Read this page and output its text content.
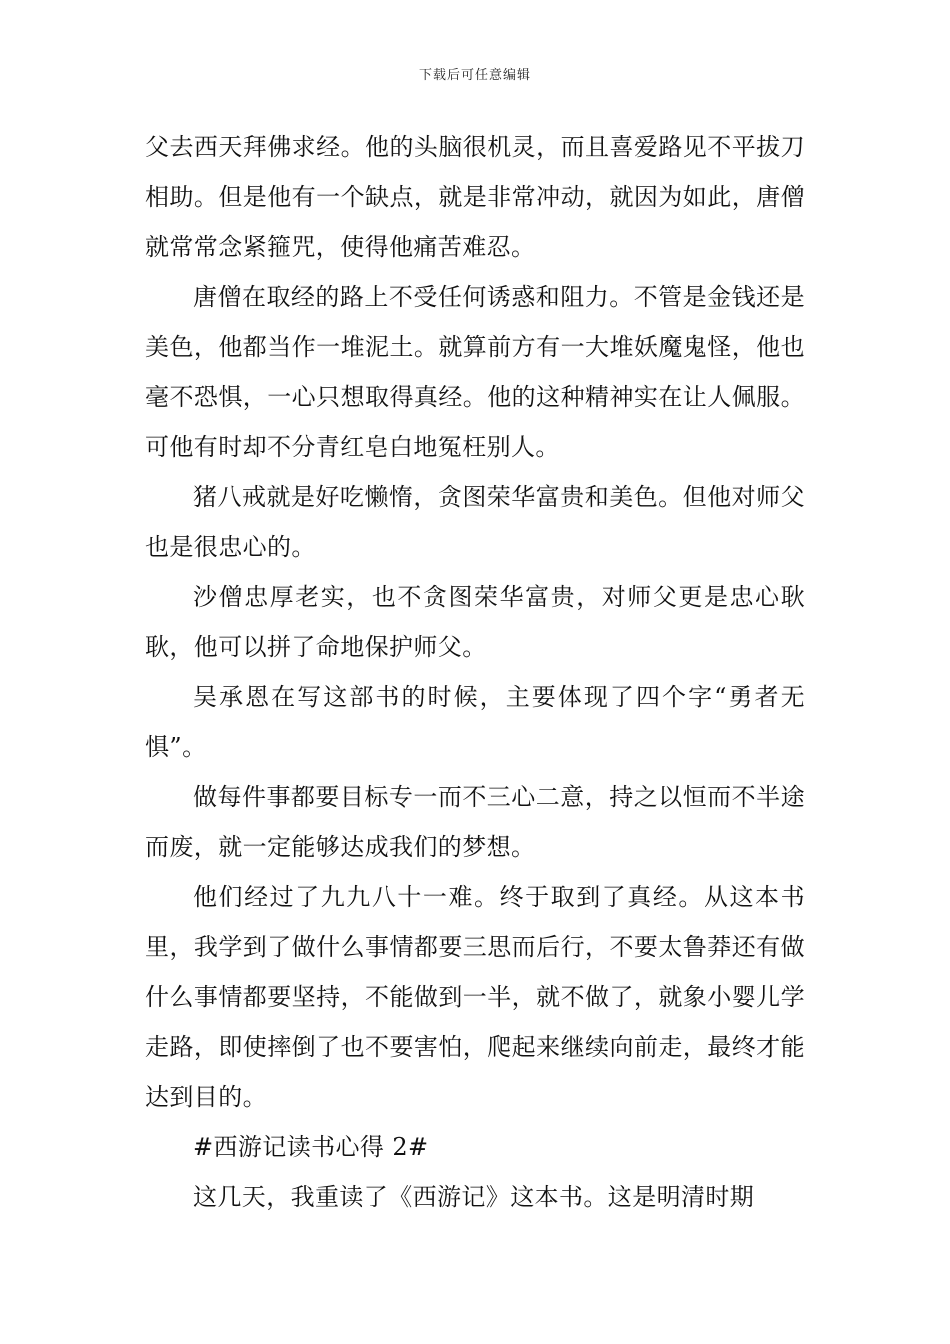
下载后可任意编辑

父去西天拜佛求经。他的头脑很机灵，而且喜爱路见不平拔刀相助。但是他有一个缺点，就是非常冲动，就因为如此，唐僧就常常念紧箍咒，使得他痛苦难忍。

唐僧在取经的路上不受任何诱惑和阻力。不管是金钱还是美色，他都当作一堆泥土。就算前方有一大堆妖魔鬼怪，他也毫不恐惧，一心只想取得真经。他的这种精神实在让人佩服。可他有时却不分青红皂白地冤枉别人。

猪八戒就是好吃懒惰，贪图荣华富贵和美色。但他对师父也是很忠心的。

沙僧忠厚老实，也不贪图荣华富贵，对师父更是忠心耿耿，他可以拼了命地保护师父。

吴承恩在写这部书的时候，主要体现了四个字“勇者无惧”。

做每件事都要目标专一而不三心二意，持之以恒而不半途而废，就一定能够达成我们的梦想。

他们经过了九九八十一难。终于取到了真经。从这本书里，我学到了做什么事情都要三思而后行，不要太鲁莽还有做什么事情都要坚持，不能做到一半，就不做了，就象小婴儿学走路，即使摔倒了也不要害怕，爬起来继续向前走，最终才能达到目的。

#西游记读书心得 2#

这几天，我重读了《西游记》这本书。这是明清时期
